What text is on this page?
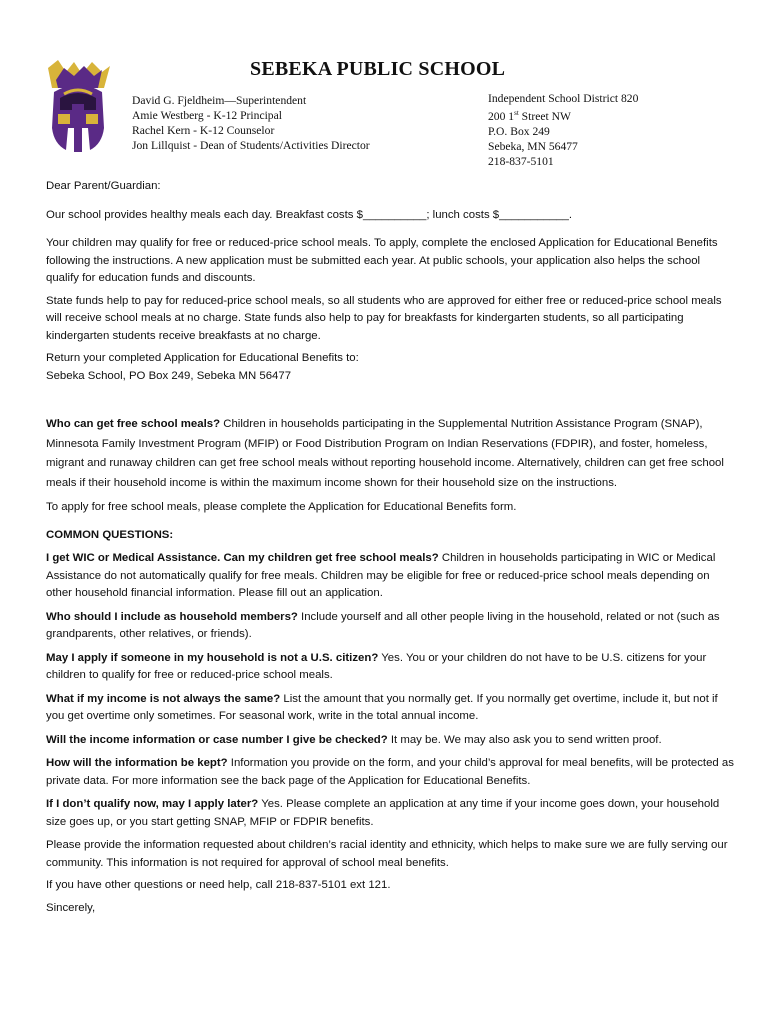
SEBEKA PUBLIC SCHOOL
David G. Fjeldheim—Superintendent
Amie Westberg - K-12 Principal
Rachel Kern - K-12 Counselor
Jon Lillquist - Dean of Students/Activities Director
Independent School District 820
200 1st Street NW
P.O. Box 249
Sebeka, MN 56477
218-837-5101

Dear Parent/Guardian:

Our school provides healthy meals each day. Breakfast costs $__________; lunch costs $___________.

Your children may qualify for free or reduced-price school meals. To apply, complete the enclosed Application for Educational Benefits following the instructions. A new application must be submitted each year. At public schools, your application also helps the school qualify for education funds and discounts.

State funds help to pay for reduced-price school meals, so all students who are approved for either free or reduced-price school meals will receive school meals at no charge. State funds also help to pay for breakfasts for kindergarten students, so all participating kindergarten students receive breakfasts at no charge.

Return your completed Application for Educational Benefits to:
Sebeka School, PO Box 249, Sebeka MN 56477

Who can get free school meals? Children in households participating in the Supplemental Nutrition Assistance Program (SNAP), Minnesota Family Investment Program (MFIP) or Food Distribution Program on Indian Reservations (FDPIR), and foster, homeless, migrant and runaway children can get free school meals without reporting household income. Alternatively, children can get free school meals if their household income is within the maximum income shown for their household size on the instructions.

To apply for free school meals, please complete the Application for Educational Benefits form.

COMMON QUESTIONS:

I get WIC or Medical Assistance. Can my children get free school meals? Children in households participating in WIC or Medical Assistance do not automatically qualify for free meals. Children may be eligible for free or reduced-price school meals depending on other household financial information. Please fill out an application.

Who should I include as household members? Include yourself and all other people living in the household, related or not (such as grandparents, other relatives, or friends).

May I apply if someone in my household is not a U.S. citizen? Yes. You or your children do not have to be U.S. citizens for your children to qualify for free or reduced-price school meals.

What if my income is not always the same? List the amount that you normally get. If you normally get overtime, include it, but not if you get overtime only sometimes. For seasonal work, write in the total annual income.

Will the income information or case number I give be checked? It may be. We may also ask you to send written proof.

How will the information be kept? Information you provide on the form, and your child’s approval for meal benefits, will be protected as private data. For more information see the back page of the Application for Educational Benefits.

If I don’t qualify now, may I apply later? Yes. Please complete an application at any time if your income goes down, your household size goes up, or you start getting SNAP, MFIP or FDPIR benefits.

Please provide the information requested about children’s racial identity and ethnicity, which helps to make sure we are fully serving our community. This information is not required for approval of school meal benefits.

If you have other questions or need help, call 218-837-5101 ext 121.

Sincerely,
